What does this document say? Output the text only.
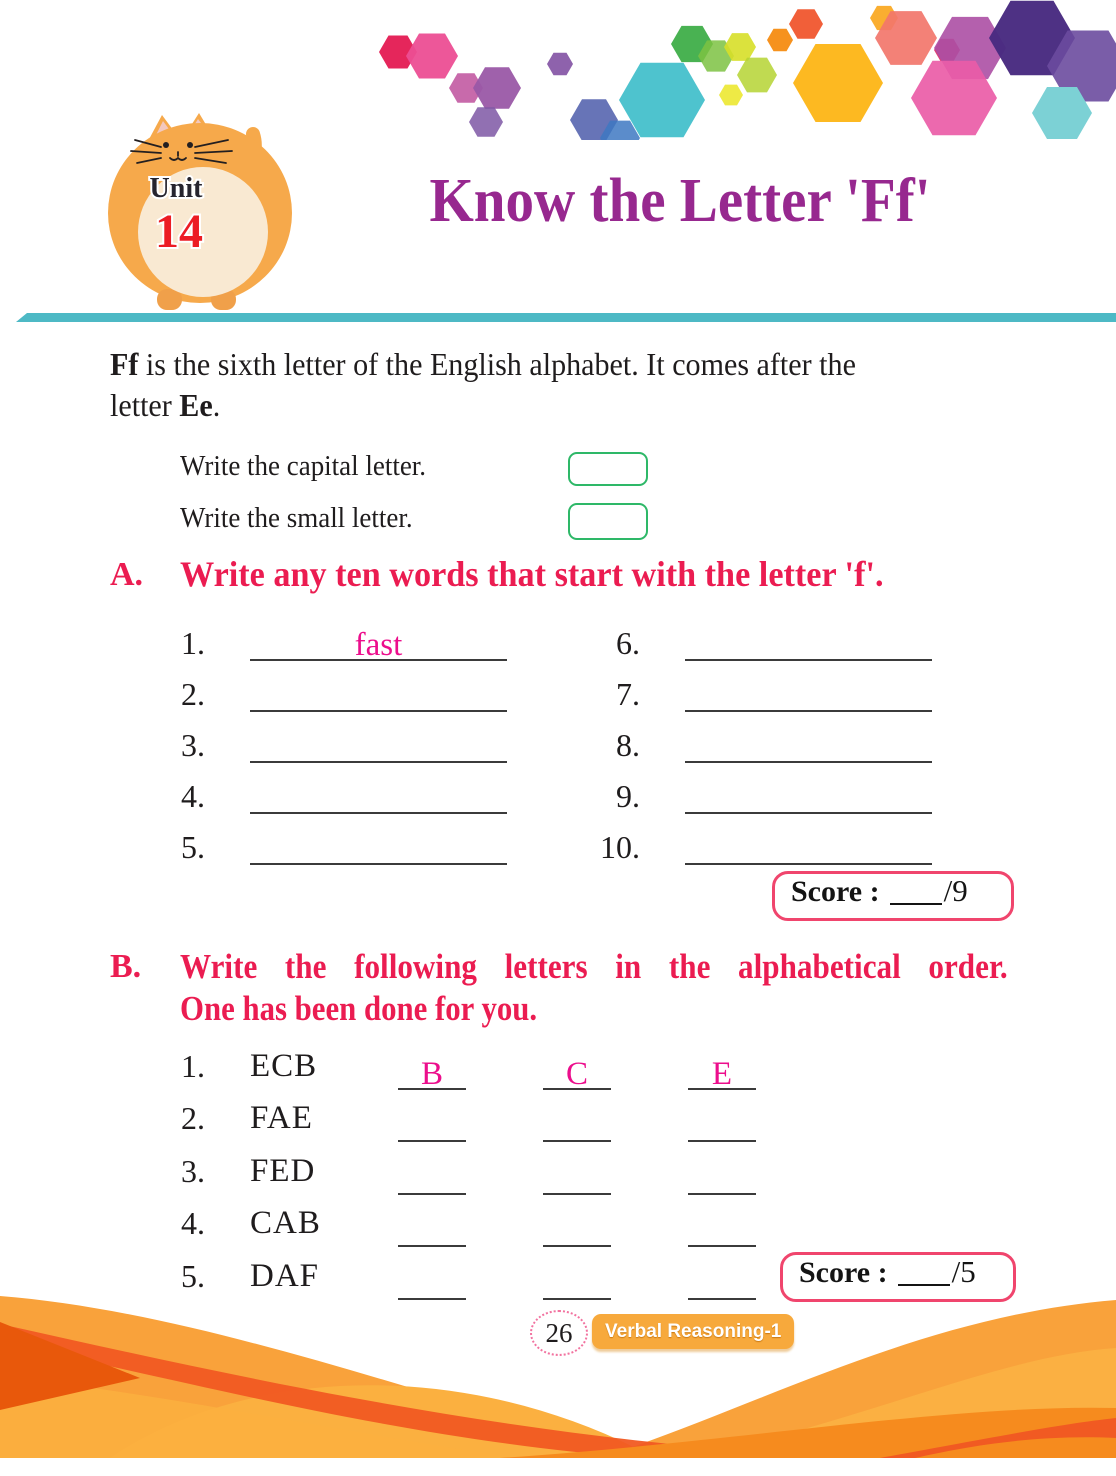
Unit
14	Know the Letter 'Ff'
Ff is the sixth letter of the English alphabet. It comes after the
letter Ee.
Write the capital letter.
Write the small letter.
A. Write any ten words that start with the letter 'f'.
1.	fast
2.
3.
4.
5.
6.
7.
8.
9.
10.
Score : /9
B. Write the following letters in the alphabetical order.
One has been done for you.
1. ECB	B	C	E
2. FAE
3. FED
4. CAB
5. DAF	Score : /5
26	Verbal Reasoning-1
